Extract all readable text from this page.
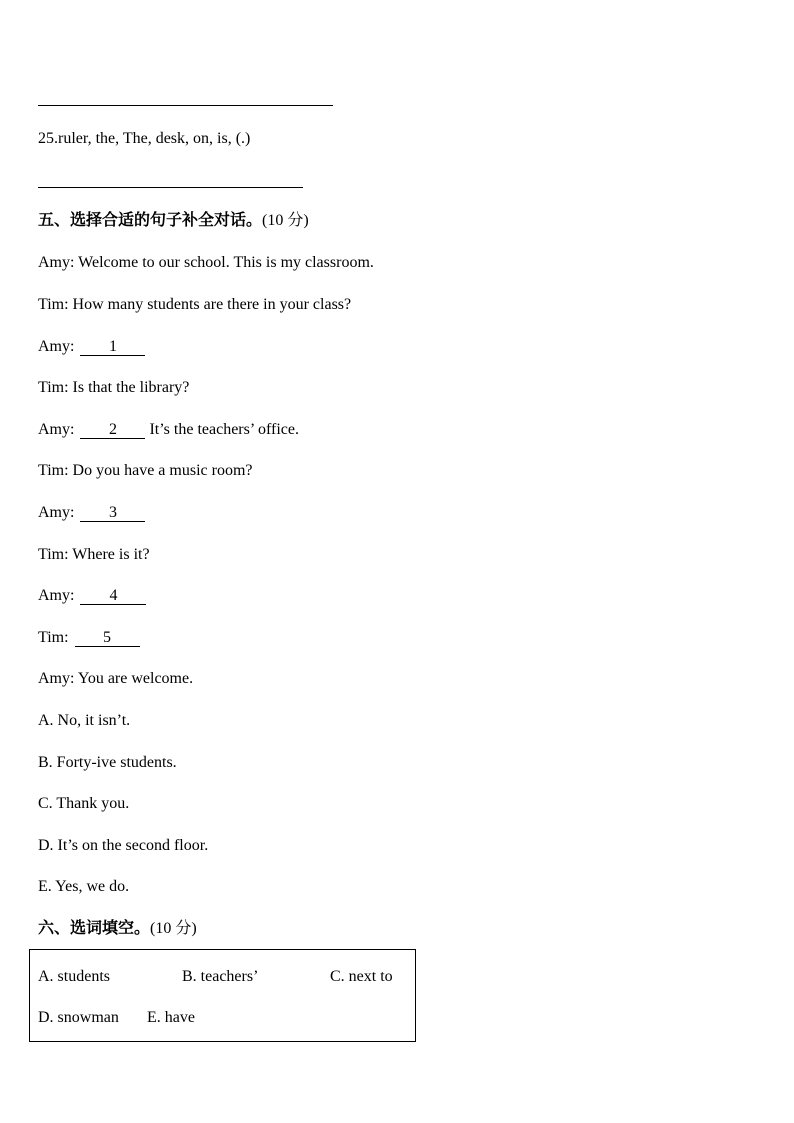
25.ruler, the, The, desk, on, is, (.)
五、选择合适的句子补全对话。(10 分)
Amy: Welcome to our school. This is my classroom.
Tim: How many students are there in your class?
Amy: 1
Tim: Is that the library?
Amy: 2 It’s the teachers’ office.
Tim: Do you have a music room?
Amy: 3
Tim: Where is it?
Amy: 4
Tim: 5
Amy: You are welcome.
A. No, it isn’t.
B. Forty-ive students.
C. Thank you.
D. It’s on the second floor.
E. Yes, we do.
六、选词填空。(10 分)
A. students	B. teachers’	C. next to
D. snowman E. have
